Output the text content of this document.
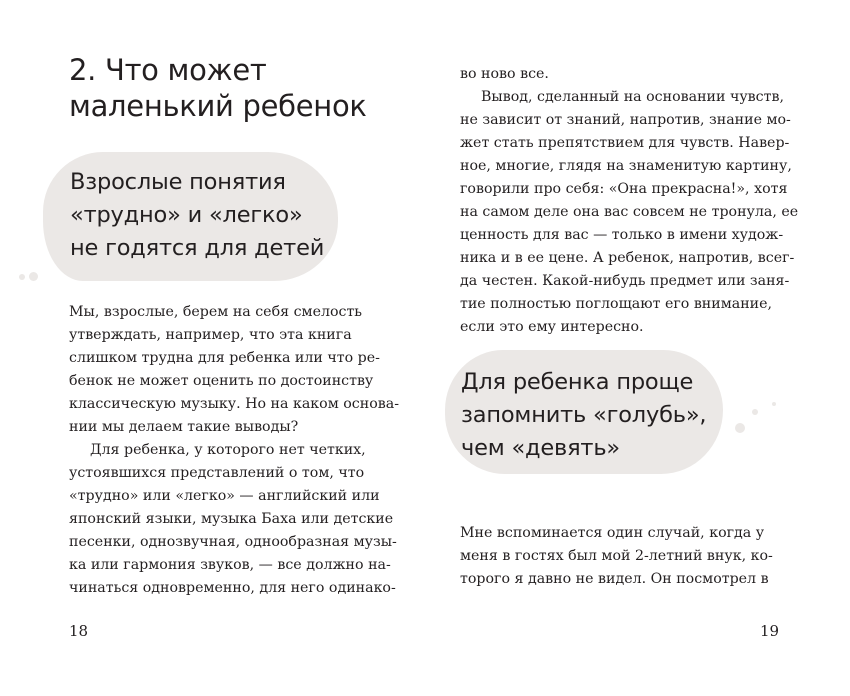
2. Что может
маленький ребенок
Взрослые понятия
«трудно» и «легко»
не годятся для детей
Мы, взрослые, берем на себя смелость
утверждать, например, что эта книга
слишком трудна для ребенка или что ре-
бенок не может оценить по достоинству
классическую музыку. Но на каком основа-
нии мы делаем такие выводы?
Для ребенка, у которого нет четких,
устоявшихся представлений о том, что
«трудно» или «легко» — английский или
японский языки, музыка Баха или детские
песенки, однозвучная, однообразная музы-
ка или гармония звуков, — все должно на-
чинаться одновременно, для него одинако-

18

во ново все.
Вывод, сделанный на основании чувств,
не зависит от знаний, напротив, знание мо-
жет стать препятствием для чувств. Навер-
ное, многие, глядя на знаменитую картину,
говорили про себя: «Она прекрасна!», хотя
на самом деле она вас совсем не тронула, ее
ценность для вас — только в имени худож-
ника и в ее цене. А ребенок, напротив, всег-
да честен. Какой-нибудь предмет или заня-
тие полностью поглощают его внимание,
если это ему интересно.
Для ребенка проще
запомнить «голубь»,
чем «девять»
Мне вспоминается один случай, когда у
меня в гостях был мой 2-летний внук, ко-
торого я давно не видел. Он посмотрел в

19
